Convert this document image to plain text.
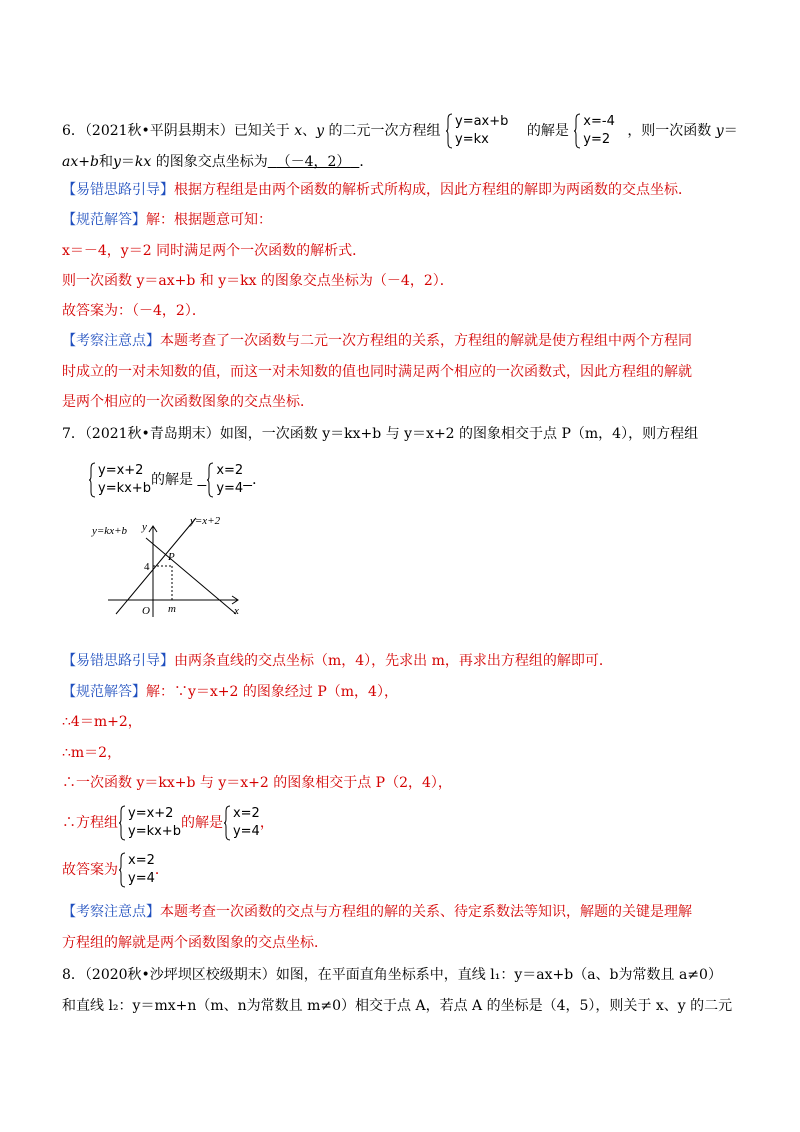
6．（2021秋•平阴县期末）已知关于 x、y 的二元一次方程组
y=ax+b
y=kx
的解是
x=-4
y=2
，则一次函数 y＝
ax+b和y＝kx 的图象交点坐标为 （－4，2） ．
【易错思路引导】根据方程组是由两个函数的解析式所构成，因此方程组的解即为两函数的交点坐标．
【规范解答】解：根据题意可知：
x＝－4，y＝2 同时满足两个一次函数的解析式．
则一次函数 y＝ax+b 和 y＝kx 的图象交点坐标为（－4，2）．
故答案为：（－4，2）．
【考察注意点】本题考查了一次函数与二元一次方程组的关系，方程组的解就是使方程组中两个方程同
时成立的一对未知数的值，而这一对未知数的值也同时满足两个相应的一次函数式，因此方程组的解就
是两个相应的一次函数图象的交点坐标．
7．（2021秋•青岛期末）如图，一次函数 y＝kx+b 与 y＝x+2 的图象相交于点 P（m，4），则方程组
y=x+2
y=kx+b
的解是
x=2
y=4
．
y=kx+b
y=x+2
y
x
O m
4
P
【易错思路引导】由两条直线的交点坐标（m，4），先求出 m，再求出方程组的解即可．
【规范解答】解：∵y＝x+2 的图象经过 P（m，4），
∴4＝m+2，
∴m＝2，
∴一次函数 y＝kx+b 与 y＝x+2 的图象相交于点 P（2，4），
∴方程组
y=x+2
y=kx+b
的解是
x=2
y=4
，
故答案为
x=2
y=4
．
【考察注意点】本题考查一次函数的交点与方程组的解的关系、待定系数法等知识，解题的关键是理解
方程组的解就是两个函数图象的交点坐标．
8．（2020秋•沙坪坝区校级期末）如图，在平面直角坐标系中，直线 l₁：y＝ax+b（a、b为常数且 a≠0）
和直线 l₂：y＝mx+n（m、n为常数且 m≠0）相交于点 A，若点 A 的坐标是（4，5），则关于 x、y 的二元
